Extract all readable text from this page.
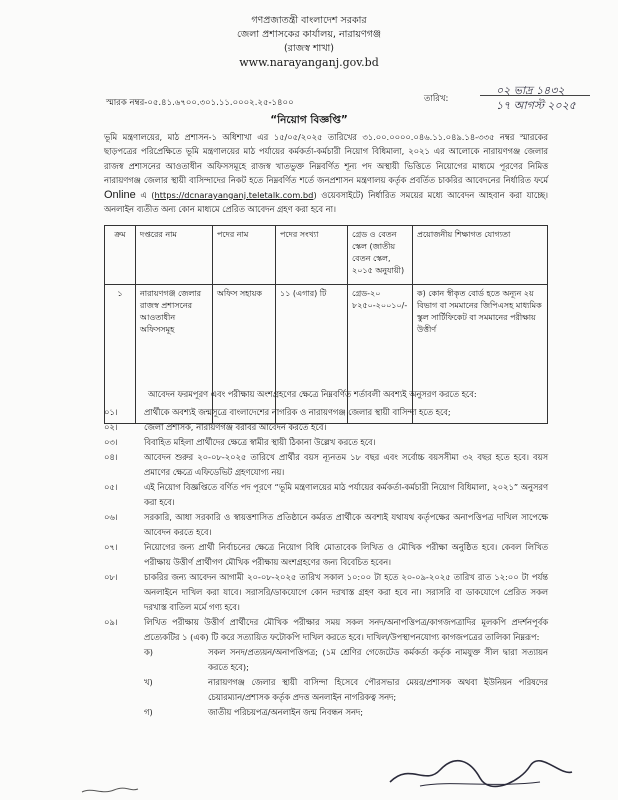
গণপ্রজাতন্ত্রী বাংলাদেশ সরকার
জেলা প্রশাসকের কার্যালয়, নারায়ণগঞ্জ
(রাজস্ব শাখা)
www.narayanganj.gov.bd
স্মারক নম্বর-০৫.৪১.৬৭০০.৩০১.১১.০০০২.২৫-১৪০০	তারিখ:
০২ ভাদ্র ১৪৩২
১৭ আগস্ট ২০২৫
“নিয়োগ বিজ্ঞপ্তি”
ভূমি মন্ত্রণালয়ের, মাঠ প্রশাসন-১ অধিশাখা এর ১৫/০৫/২০২৫ তারিখের ৩১.০০.০০০০.০৪৬.১১.০৪৯.১৪-৩৩৫ নম্বর স্মারকের ছাড়পত্রের পরিপ্রেক্ষিতে ভূমি মন্ত্রণালয়ের মাঠ পর্যায়ের কর্মকর্তা-কর্মচারী নিয়োগ বিধিমালা, ২০২১ এর আলোকে নারায়ণগঞ্জ জেলার রাজস্ব প্রশাসনের আওতাধীন অফিসসমূহে রাজস্ব খাতভুক্ত নিম্নবর্ণিত শূন্য পদ অস্থায়ী ভিত্তিতে নিয়োগের মাধ্যমে পূরণের নিমিত্ত নারায়ণগঞ্জ জেলার স্থায়ী বাসিন্দাদের নিকট হতে নিম্নবর্ণিত শর্তে জনপ্রশাসন মন্ত্রণালয় কর্তৃক প্রবর্তিত চাকরির আবেদনের নির্ধারিত ফর্মে Online এ (https://dcnarayanganj.teletalk.com.bd) ওয়েবসাইটে) নির্ধারিত সময়ের মধ্যে আবেদন আহবান করা যাচ্ছে। অনলাইন ব্যতীত অন্য কোন মাধ্যমে প্রেরিত আবেদন গ্রহণ করা হবে না।
ক্রম	দপ্তরের নাম	পদের নাম	পদের সংখ্যা	গ্রেড ও বেতন স্কেল (জাতীয় বেতন স্কেল, ২০১৫ অনুযায়ী)	প্রয়োজনীয় শিক্ষাগত যোগ্যতা
১	নারায়ণগঞ্জ জেলার রাজস্ব প্রশাসনের আওতাধীন অফিসসমূহ	অফিস সহায়ক	১১ (এগার) টি	গ্রেড-২০ ৮২৫০-২০০১০/-	ক) কোন স্বীকৃত বোর্ড হতে অন্যূন ২য় বিভাগ বা সমমানের জিপিএসহ মাধ্যমিক স্কুল সার্টিফিকেট বা সমমানের পরীক্ষায় উত্তীর্ণ
আবেদন ফরমপূরণ এবং পরীক্ষায় অংশগ্রহণের ক্ষেত্রে নিম্নবর্ণিত শর্তাবলী অবশ্যই অনুসরণ করতে হবে:
০১।	প্রার্থীকে অবশ্যই জন্মসূত্রে বাংলাদেশের নাগরিক ও নারায়ণগঞ্জ জেলার স্থায়ী বাসিন্দা হতে হবে;
০২।	জেলা প্রশাসক, নারায়ণগঞ্জ বরাবর আবেদন করতে হবে।
০৩।	বিবাহিত মহিলা প্রার্থীদের ক্ষেত্রে স্বামীর স্থায়ী ঠিকানা উল্লেখ করতে হবে।
০৪।	আবেদন শুরুর ২০-০৮-২০২৫ তারিখে প্রার্থীর বয়স ন্যূনতম ১৮ বছর এবং সর্বোচ্চ বয়সসীমা ৩২ বছর হতে হবে। বয়স প্রমাণের ক্ষেত্রে এফিডেভিট গ্রহণযোগ্য নয়।
০৫।	এই নিয়োগ বিজ্ঞপ্তিতে বর্ণিত পদ পূরণে “ভূমি মন্ত্রণালয়ের মাঠ পর্যায়ের কর্মকর্তা-কর্মচারী নিয়োগ বিধিমালা, ২০২১” অনুসরণ করা হবে।
০৬।	সরকারি, আধা সরকারি ও স্বায়ত্তশাসিত প্রতিষ্ঠানে কর্মরত প্রার্থীকে অবশ্যই যথাযথ কর্তৃপক্ষের অনাপত্তিপত্র দাখিল সাপেক্ষে আবেদন করতে হবে।
০৭।	নিয়োগের জন্য প্রার্থী নির্বাচনের ক্ষেত্রে নিয়োগ বিধি মোতাবেক লিখিত ও মৌখিক পরীক্ষা অনুষ্ঠিত হবে। কেবল লিখিত পরীক্ষায় উত্তীর্ণ প্রার্থীগণ মৌখিক পরীক্ষায় অংশগ্রহণের জন্য বিবেচিত হবেন।
০৮।	চাকরির জন্য আবেদন আগামী ২০-০৮-২০২৫ তারিখ সকাল ১০:০০ টা হতে ২০-০৯-২০২৫ তারিখ রাত ১২:০০ টা পর্যন্ত অনলাইনে দাখিল করা যাবে। সরাসরি/ডাকযোগে কোন দরখাস্ত গ্রহণ করা হবে না। সরাসরি বা ডাকযোগে প্রেরিত সকল দরখাস্ত বাতিল মর্মে গণ্য হবে।
০৯।	লিখিত পরীক্ষায় উত্তীর্ণ প্রার্থীদের মৌখিক পরীক্ষার সময় সকল সনদ/অনাপত্তিপত্র/কাগজপত্রাদির মূলকপি প্রদর্শনপূর্বক প্রত্যেকটির ১ (এক) টি করে সত্যায়িত ফটোকপি দাখিল করতে হবে। দাখিল/উপস্থাপনযোগ্য কাগজপত্রের তালিকা নিম্নরূপ:
ক)	সকল সনদ/প্রত্যয়ন/অনাপত্তিপত্র; (১ম শ্রেণির গেজেটেড কর্মকর্তা কর্তৃক নামযুক্ত সীল দ্বারা সত্যায়ন করতে হবে);
খ)	নারায়ণগঞ্জ জেলার স্থায়ী বাসিন্দা হিসেবে পৌরসভার মেয়র/প্রশাসক অথবা ইউনিয়ন পরিষদের চেয়ারম্যান/প্রশাসক কর্তৃক প্রদত্ত অনলাইন নাগরিকত্ব সনদ;
গ)	জাতীয় পরিচয়পত্র/অনলাইন জন্ম নিবন্ধন সনদ;
